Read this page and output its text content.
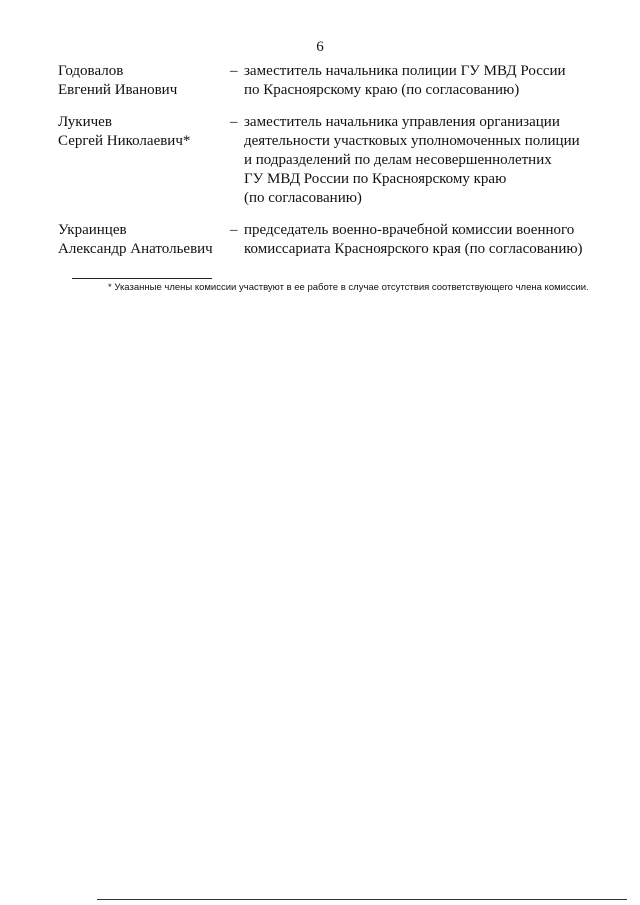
6
Годовалов
Евгений Иванович
– заместитель начальника полиции ГУ МВД России
по Красноярскому краю (по согласованию)
Лукичев
Сергей Николаевич*
– заместитель начальника управления организации
деятельности участковых уполномоченных полиции
и подразделений по делам несовершеннолетних
ГУ МВД России по Красноярскому краю
(по согласованию)
Украинцев
Александр Анатольевич
– председатель военно-врачебной комиссии военного
комиссариата Красноярского края (по согласованию)
* Указанные члены комиссии участвуют в ее работе в случае отсутствия соответствующего члена комиссии.
